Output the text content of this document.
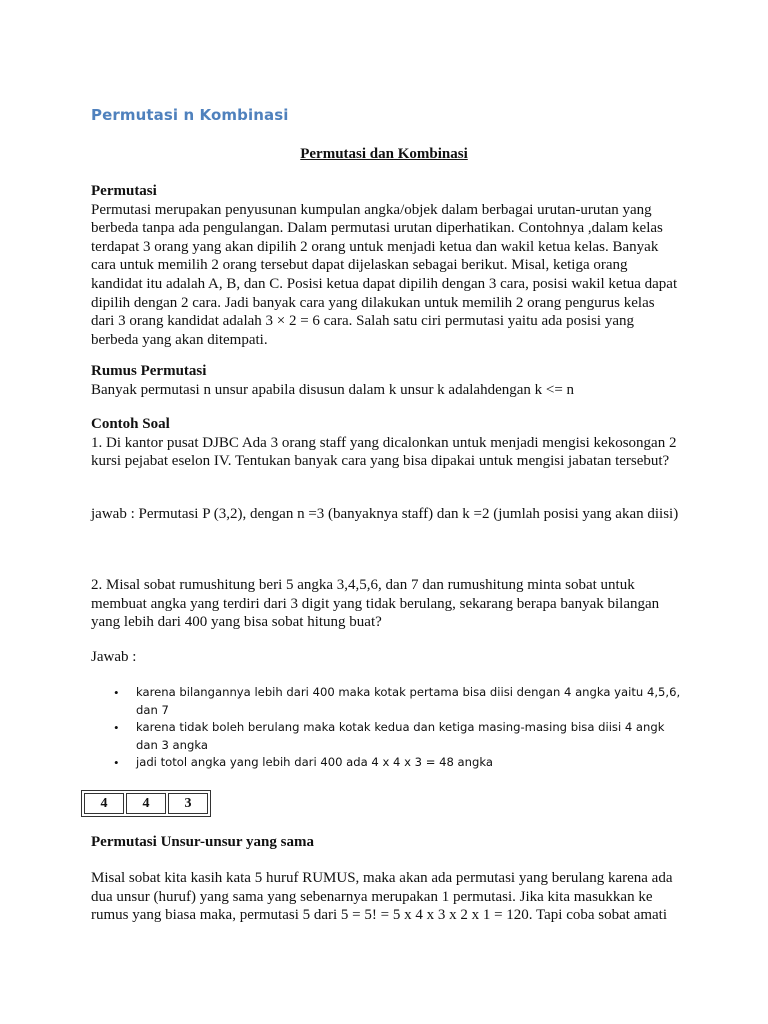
Permutasi n Kombinasi
Permutasi dan Kombinasi
Permutasi

Permutasi merupakan penyusunan kumpulan angka/objek dalam berbagai urutan-urutan yang berbeda tanpa ada pengulangan. Dalam permutasi urutan diperhatikan. Contohnya ,dalam kelas terdapat 3 orang yang akan dipilih 2 orang untuk menjadi ketua dan wakil ketua kelas. Banyak cara untuk memilih 2 orang tersebut dapat dijelaskan sebagai berikut. Misal, ketiga orang kandidat itu adalah A, B, dan C. Posisi ketua dapat dipilih dengan 3 cara, posisi wakil ketua dapat dipilih dengan 2 cara. Jadi banyak cara yang dilakukan untuk memilih 2 orang pengurus kelas dari 3 orang kandidat adalah 3 × 2 = 6 cara. Salah satu ciri permutasi yaitu ada posisi yang berbeda yang akan ditempati.

Rumus Permutasi

Banyak permutasi n unsur apabila disusun dalam k unsur k adalahdengan k <= n

Contoh Soal

1. Di kantor pusat DJBC Ada 3 orang staff yang dicalonkan untuk menjadi mengisi kekosongan 2 kursi pejabat eselon IV. Tentukan banyak cara yang bisa dipakai untuk mengisi jabatan tersebut?

jawab : Permutasi P (3,2), dengan n =3 (banyaknya staff) dan k =2 (jumlah posisi yang akan diisi)

2. Misal sobat rumushitung beri 5 angka 3,4,5,6, dan 7 dan rumushitung minta sobat untuk membuat angka yang terdiri dari 3 digit yang tidak berulang, sekarang berapa banyak bilangan yang lebih dari 400 yang bisa sobat hitung buat?

Jawab :

• karena bilangannya lebih dari 400 maka kotak pertama bisa diisi dengan 4 angka yaitu 4,5,6, dan 7
• karena tidak boleh berulang maka kotak kedua dan ketiga masing-masing bisa diisi 4 angk dan 3 angka
• jadi totol angka yang lebih dari 400 ada 4 x 4 x 3 = 48 angka
4	4	3
Permutasi Unsur-unsur yang sama

Misal sobat kita kasih kata 5 huruf RUMUS, maka akan ada permutasi yang berulang karena ada dua unsur (huruf) yang sama yang sebenarnya merupakan 1 permutasi. Jika kita masukkan ke rumus yang biasa maka, permutasi 5 dari 5 = 5! = 5 x 4 x 3 x 2 x 1 = 120. Tapi coba sobat amati
